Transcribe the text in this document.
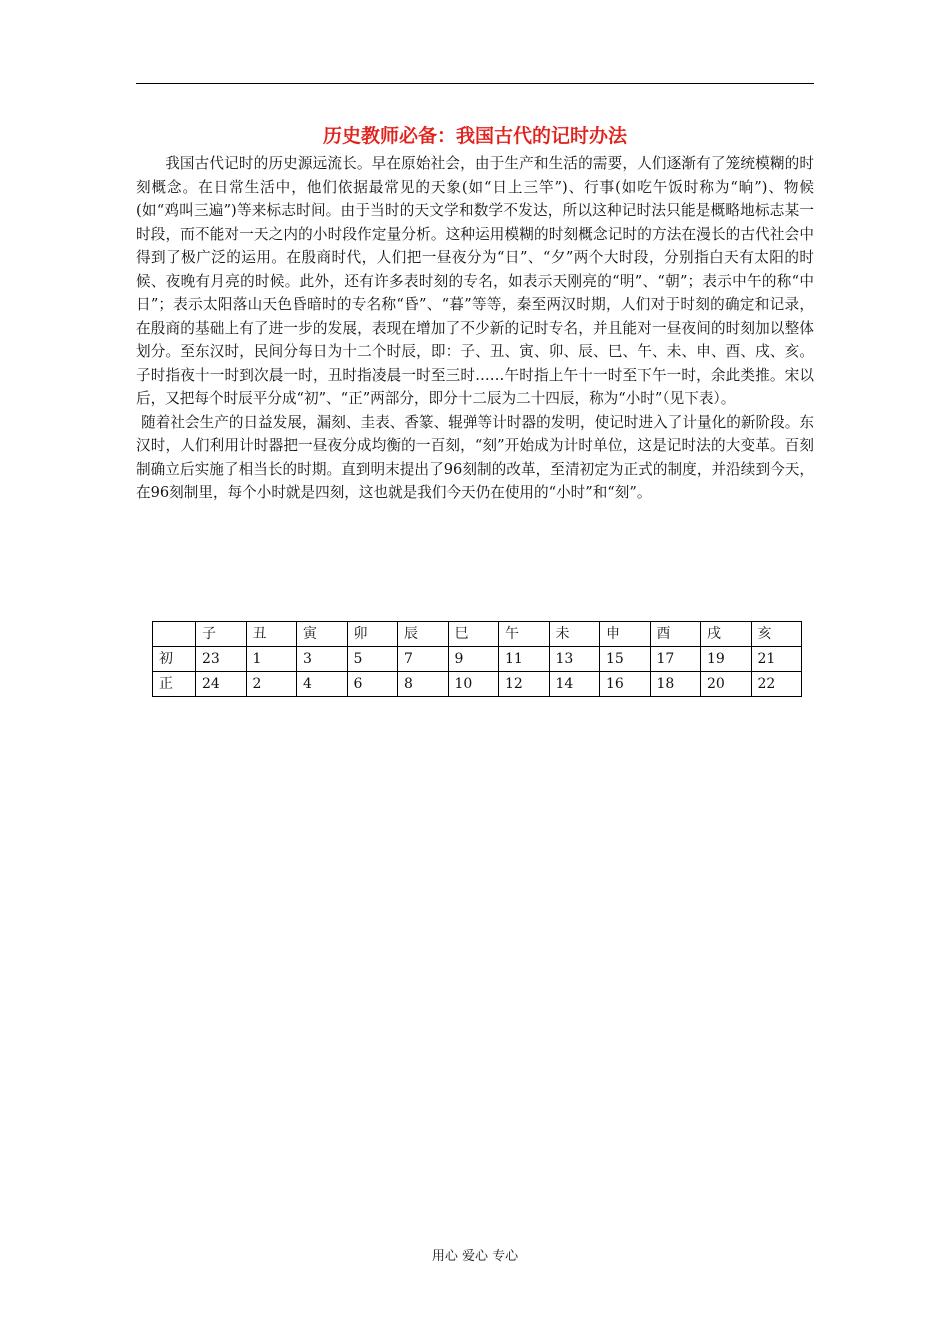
历史教师必备：我国古代的记时办法

我国古代记时的历史源远流长。早在原始社会，由于生产和生活的需要，人们逐渐有了笼统模糊的时刻概念。在日常生活中，他们依据最常见的天象(如“日上三竿”)、行事(如吃午饭时称为“晌”)、物候(如“鸡叫三遍”)等来标志时间。由于当时的天文学和数学不发达，所以这种记时法只能是概略地标志某一时段，而不能对一天之内的小时段作定量分析。这种运用模糊的时刻概念记时的方法在漫长的古代社会中得到了极广泛的运用。在殷商时代，人们把一昼夜分为“日”、“夕”两个大时段，分别指白天有太阳的时候、夜晚有月亮的时候。此外，还有许多表时刻的专名，如表示天刚亮的“明”、“朝”；表示中午的称“中日”；表示太阳落山天色昏暗时的专名称“昏”、“暮”等等，秦至两汉时期，人们对于时刻的确定和记录，在殷商的基础上有了进一步的发展，表现在增加了不少新的记时专名，并且能对一昼夜间的时刻加以整体划分。至东汉时，民间分每日为十二个时辰，即：子、丑、寅、卯、辰、巳、午、未、申、酉、戌、亥。子时指夜十一时到次晨一时，丑时指凌晨一时至三时……午时指上午十一时至下午一时，余此类推。宋以后，又把每个时辰平分成“初”、“正”两部分，即分十二辰为二十四辰，称为“小时”（见下表）。

随着社会生产的日益发展，漏刻、圭表、香篆、辊弹等计时器的发明，使记时进入了计量化的新阶段。东汉时，人们利用计时器把一昼夜分成均衡的一百刻，“刻”开始成为计时单位，这是记时法的大变革。百刻制确立后实施了相当长的时期。直到明末提出了96刻制的改革，至清初定为正式的制度，并沿续到今天，在96刻制里，每个小时就是四刻，这也就是我们今天仍在使用的“小时”和“刻”。

	子	丑	寅	卯	辰	巳	午	未	申	酉	戌	亥
初	23	1	3	5	7	9	11	13	15	17	19	21
正	24	2	4	6	8	10	12	14	16	18	20	22
用心 爱心 专心
